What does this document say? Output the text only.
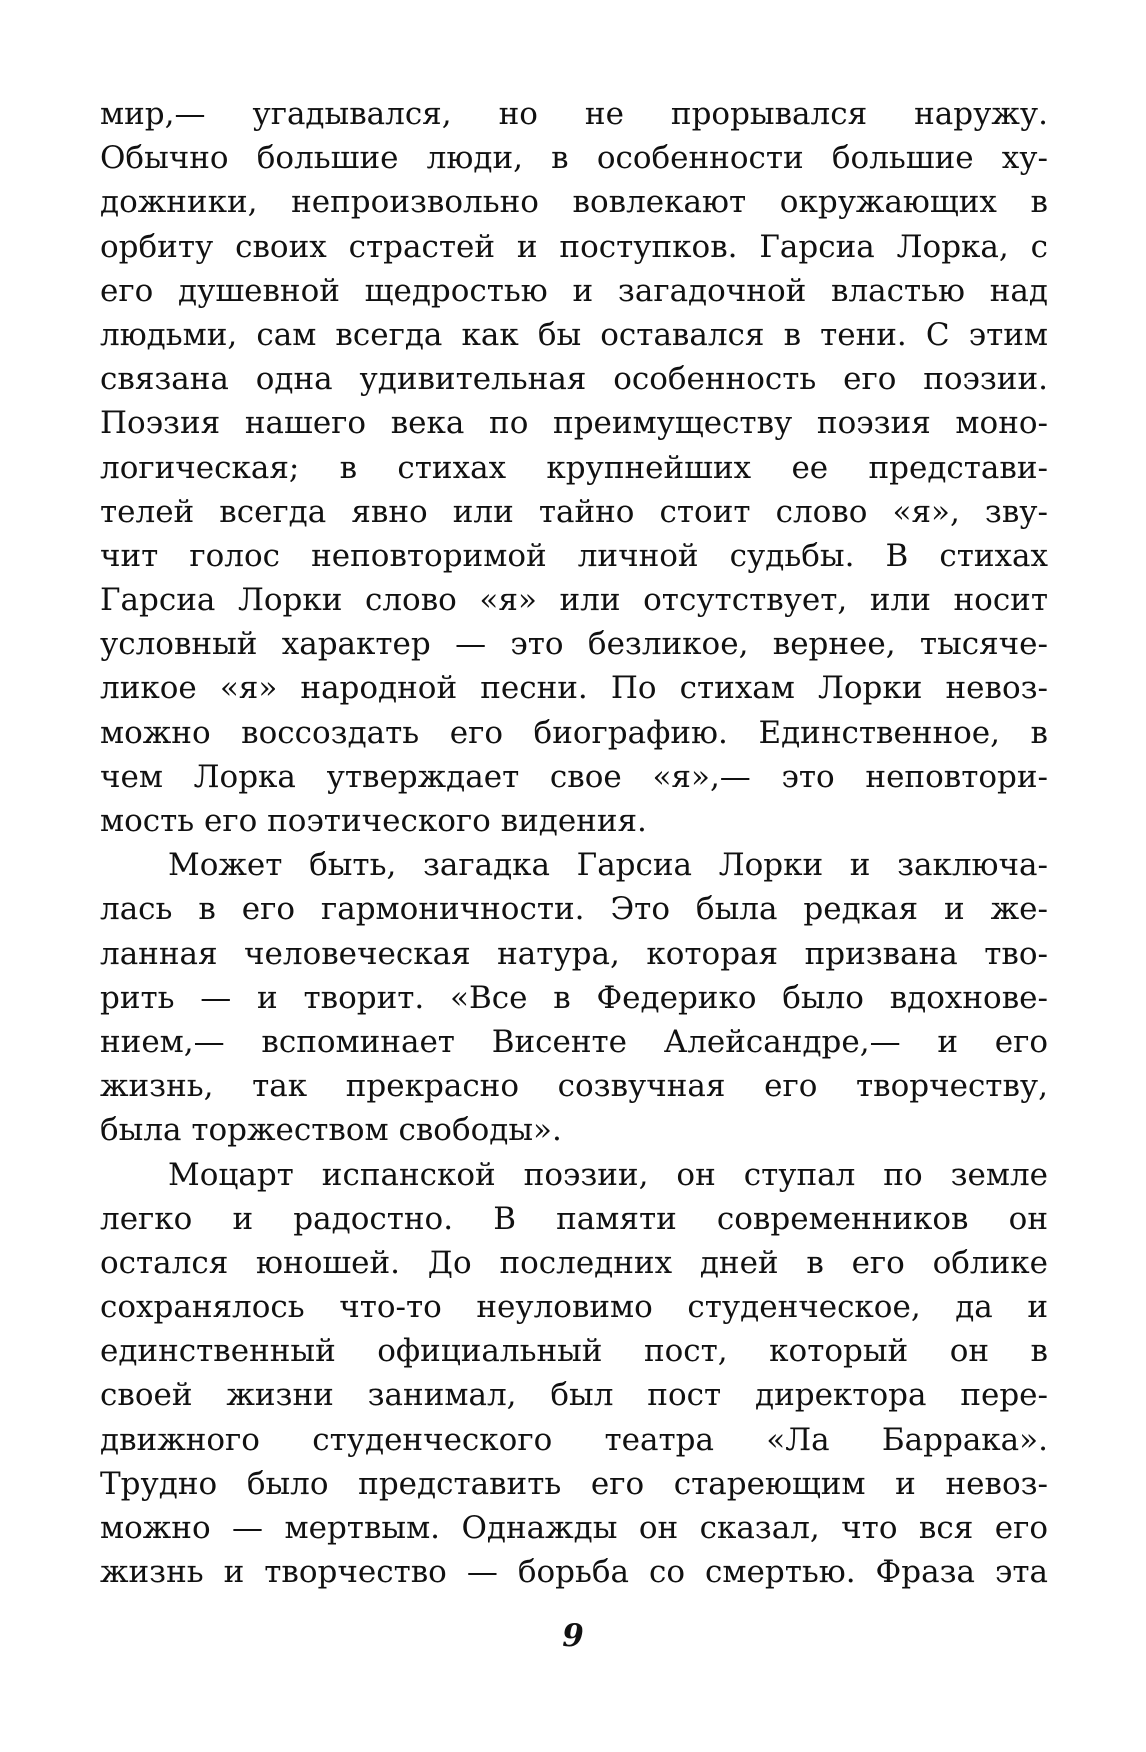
мир,— угадывался, но не прорывался наружу.
Обычно большие люди, в особенности большие ху-
дожники, непроизвольно вовлекают окружающих в
орбиту своих страстей и поступков. Гарсиа Лорка, с
его душевной щедростью и загадочной властью над
людьми, сам всегда как бы оставался в тени. С этим
связана одна удивительная особенность его поэзии.
Поэзия нашего века по преимуществу поэзия моно-
логическая; в стихах крупнейших ее представи-
телей всегда явно или тайно стоит слово «я», зву-
чит голос неповторимой личной судьбы. В стихах
Гарсиа Лорки слово «я» или отсутствует, или носит
условный характер — это безликое, вернее, тысяче-
ликое «я» народной песни. По стихам Лорки невоз-
можно воссоздать его биографию. Единственное, в
чем Лорка утверждает свое «я»,— это неповтори-
мость его поэтического видения.
Может быть, загадка Гарсиа Лорки и заключа-
лась в его гармоничности. Это была редкая и же-
ланная человеческая натура, которая призвана тво-
рить — и творит. «Все в Федерико было вдохнове-
нием,— вспоминает Висенте Алейсандре,— и его
жизнь, так прекрасно созвучная его творчеству,
была торжеством свободы».
Моцарт испанской поэзии, он ступал по земле
легко и радостно. В памяти современников он
остался юношей. До последних дней в его облике
сохранялось что-то неуловимо студенческое, да и
единственный официальный пост, который он в
своей жизни занимал, был пост директора пере-
движного студенческого театра «Ла Баррака».
Трудно было представить его стареющим и невоз-
можно — мертвым. Однажды он сказал, что вся его
жизнь и творчество — борьба со смертью. Фраза эта
9
